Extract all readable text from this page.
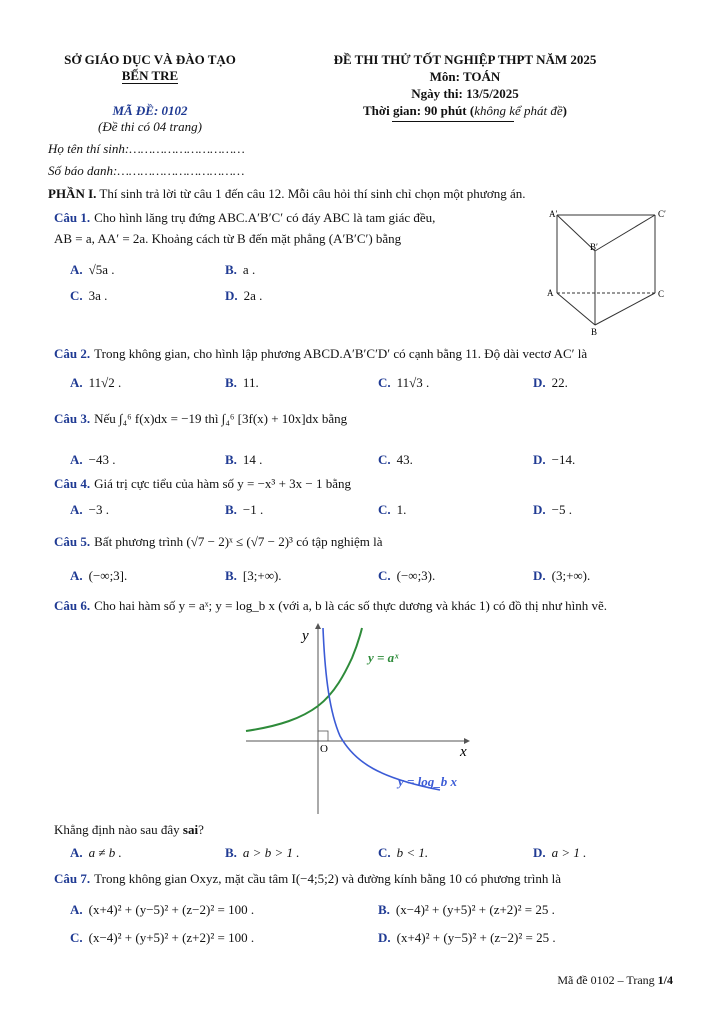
SỞ GIÁO DỤC VÀ ĐÀO TẠO
BẾN TRE
MÃ ĐỀ: 0102
(Đề thi có 04 trang)
ĐỀ THI THỬ TỐT NGHIỆP THPT NĂM 2025
Môn: TOÁN
Ngày thi: 13/5/2025
Thời gian: 90 phút (không kể phát đề)
Họ tên thí sinh:…………………………
Số báo danh:……………………………
PHẦN I. Thí sinh trả lời từ câu 1 đến câu 12. Mỗi câu hỏi thí sinh chỉ chọn một phương án.
Câu 1. Cho hình lăng trụ đứng ABC.A′B′C′ có đáy ABC là tam giác đều,
AB = a, AA′ = 2a. Khoảng cách từ B đến mặt phẳng (A′B′C′) bằng
A. √5a .	B. a .
C. 3a .	D. 2a .
A′	C′
B′
A	C
B
Câu 2. Trong không gian, cho hình lập phương ABCD.A′B′C′D′ có cạnh bằng 11. Độ dài vectơ AC′ là
A. 11√2 .	B. 11.	C. 11√3 .	D. 22.
Câu 3. Nếu ∫₄⁶ f(x)dx = −19 thì ∫₄⁶ [3f(x) + 10x]dx bằng
A. −43 .	B. 14 .	C. 43.	D. −14.
Câu 4. Giá trị cực tiểu của hàm số y = −x³ + 3x − 1 bằng
A. −3 .	B. −1 .	C. 1.	D. −5 .
Câu 5. Bất phương trình (√7 − 2)ˣ ≤ (√7 − 2)³ có tập nghiệm là
A. (−∞;3].	B. [3;+∞).	C. (−∞;3).	D. (3;+∞).
Câu 6. Cho hai hàm số y = aˣ; y = log_b x (với a, b là các số thực dương và khác 1) có đồ thị như hình vẽ.
y
x
O
y = aˣ
y = log_b x
Khẳng định nào sau đây sai?
A. a ≠ b .	B. a > b > 1 .	C. b < 1.	D. a > 1 .
Câu 7. Trong không gian Oxyz, mặt cầu tâm I(−4;5;2) và đường kính bằng 10 có phương trình là
A. (x+4)² + (y−5)² + (z−2)² = 100 .	B. (x−4)² + (y+5)² + (z+2)² = 25 .
C. (x−4)² + (y+5)² + (z+2)² = 100 .	D. (x+4)² + (y−5)² + (z−2)² = 25 .
Mã đề 0102 – Trang 1/4
